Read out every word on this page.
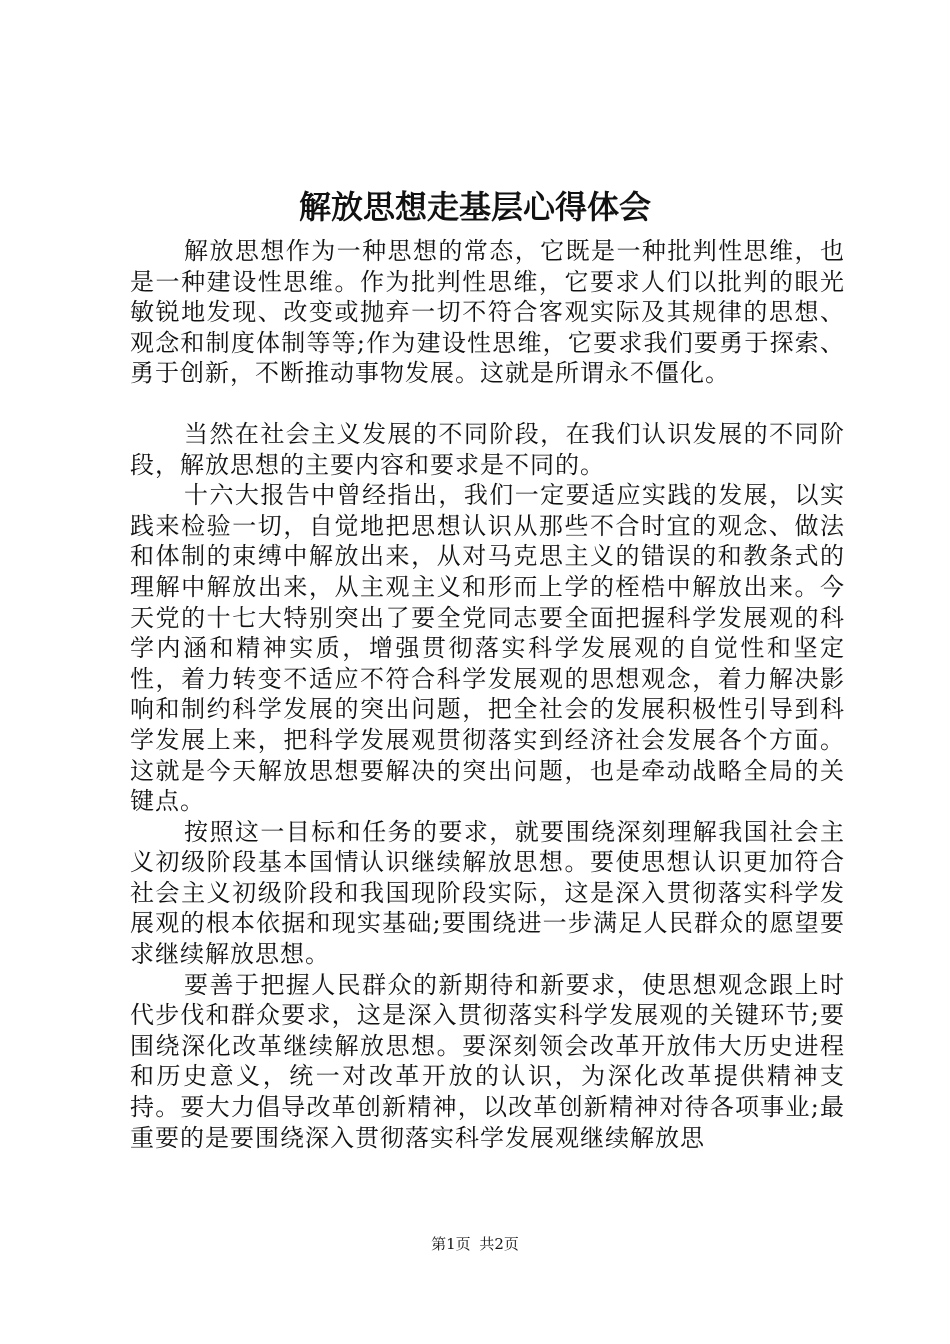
解放思想走基层心得体会

解放思想作为一种思想的常态，它既是一种批判性思维，也是一种建设性思维。作为批判性思维，它要求人们以批判的眼光敏锐地发现、改变或抛弃一切不符合客观实际及其规律的思想、观念和制度体制等等;作为建设性思维，它要求我们要勇于探索、勇于创新，不断推动事物发展。这就是所谓永不僵化。

当然在社会主义发展的不同阶段，在我们认识发展的不同阶段，解放思想的主要内容和要求是不同的。

十六大报告中曾经指出，我们一定要适应实践的发展，以实践来检验一切，自觉地把思想认识从那些不合时宜的观念、做法和体制的束缚中解放出来，从对马克思主义的错误的和教条式的理解中解放出来，从主观主义和形而上学的桎梏中解放出来。今天党的十七大特别突出了要全党同志要全面把握科学发展观的科学内涵和精神实质，增强贯彻落实科学发展观的自觉性和坚定性，着力转变不适应不符合科学发展观的思想观念，着力解决影响和制约科学发展的突出问题，把全社会的发展积极性引导到科学发展上来，把科学发展观贯彻落实到经济社会发展各个方面。这就是今天解放思想要解决的突出问题，也是牵动战略全局的关键点。

按照这一目标和任务的要求，就要围绕深刻理解我国社会主义初级阶段基本国情认识继续解放思想。要使思想认识更加符合社会主义初级阶段和我国现阶段实际，这是深入贯彻落实科学发展观的根本依据和现实基础;要围绕进一步满足人民群众的愿望要求继续解放思想。

要善于把握人民群众的新期待和新要求，使思想观念跟上时代步伐和群众要求，这是深入贯彻落实科学发展观的关键环节;要围绕深化改革继续解放思想。要深刻领会改革开放伟大历史进程和历史意义，统一对改革开放的认识，为深化改革提供精神支持。要大力倡导改革创新精神，以改革创新精神对待各项事业;最重要的是要围绕深入贯彻落实科学发展观继续解放思

第1页 共2页
